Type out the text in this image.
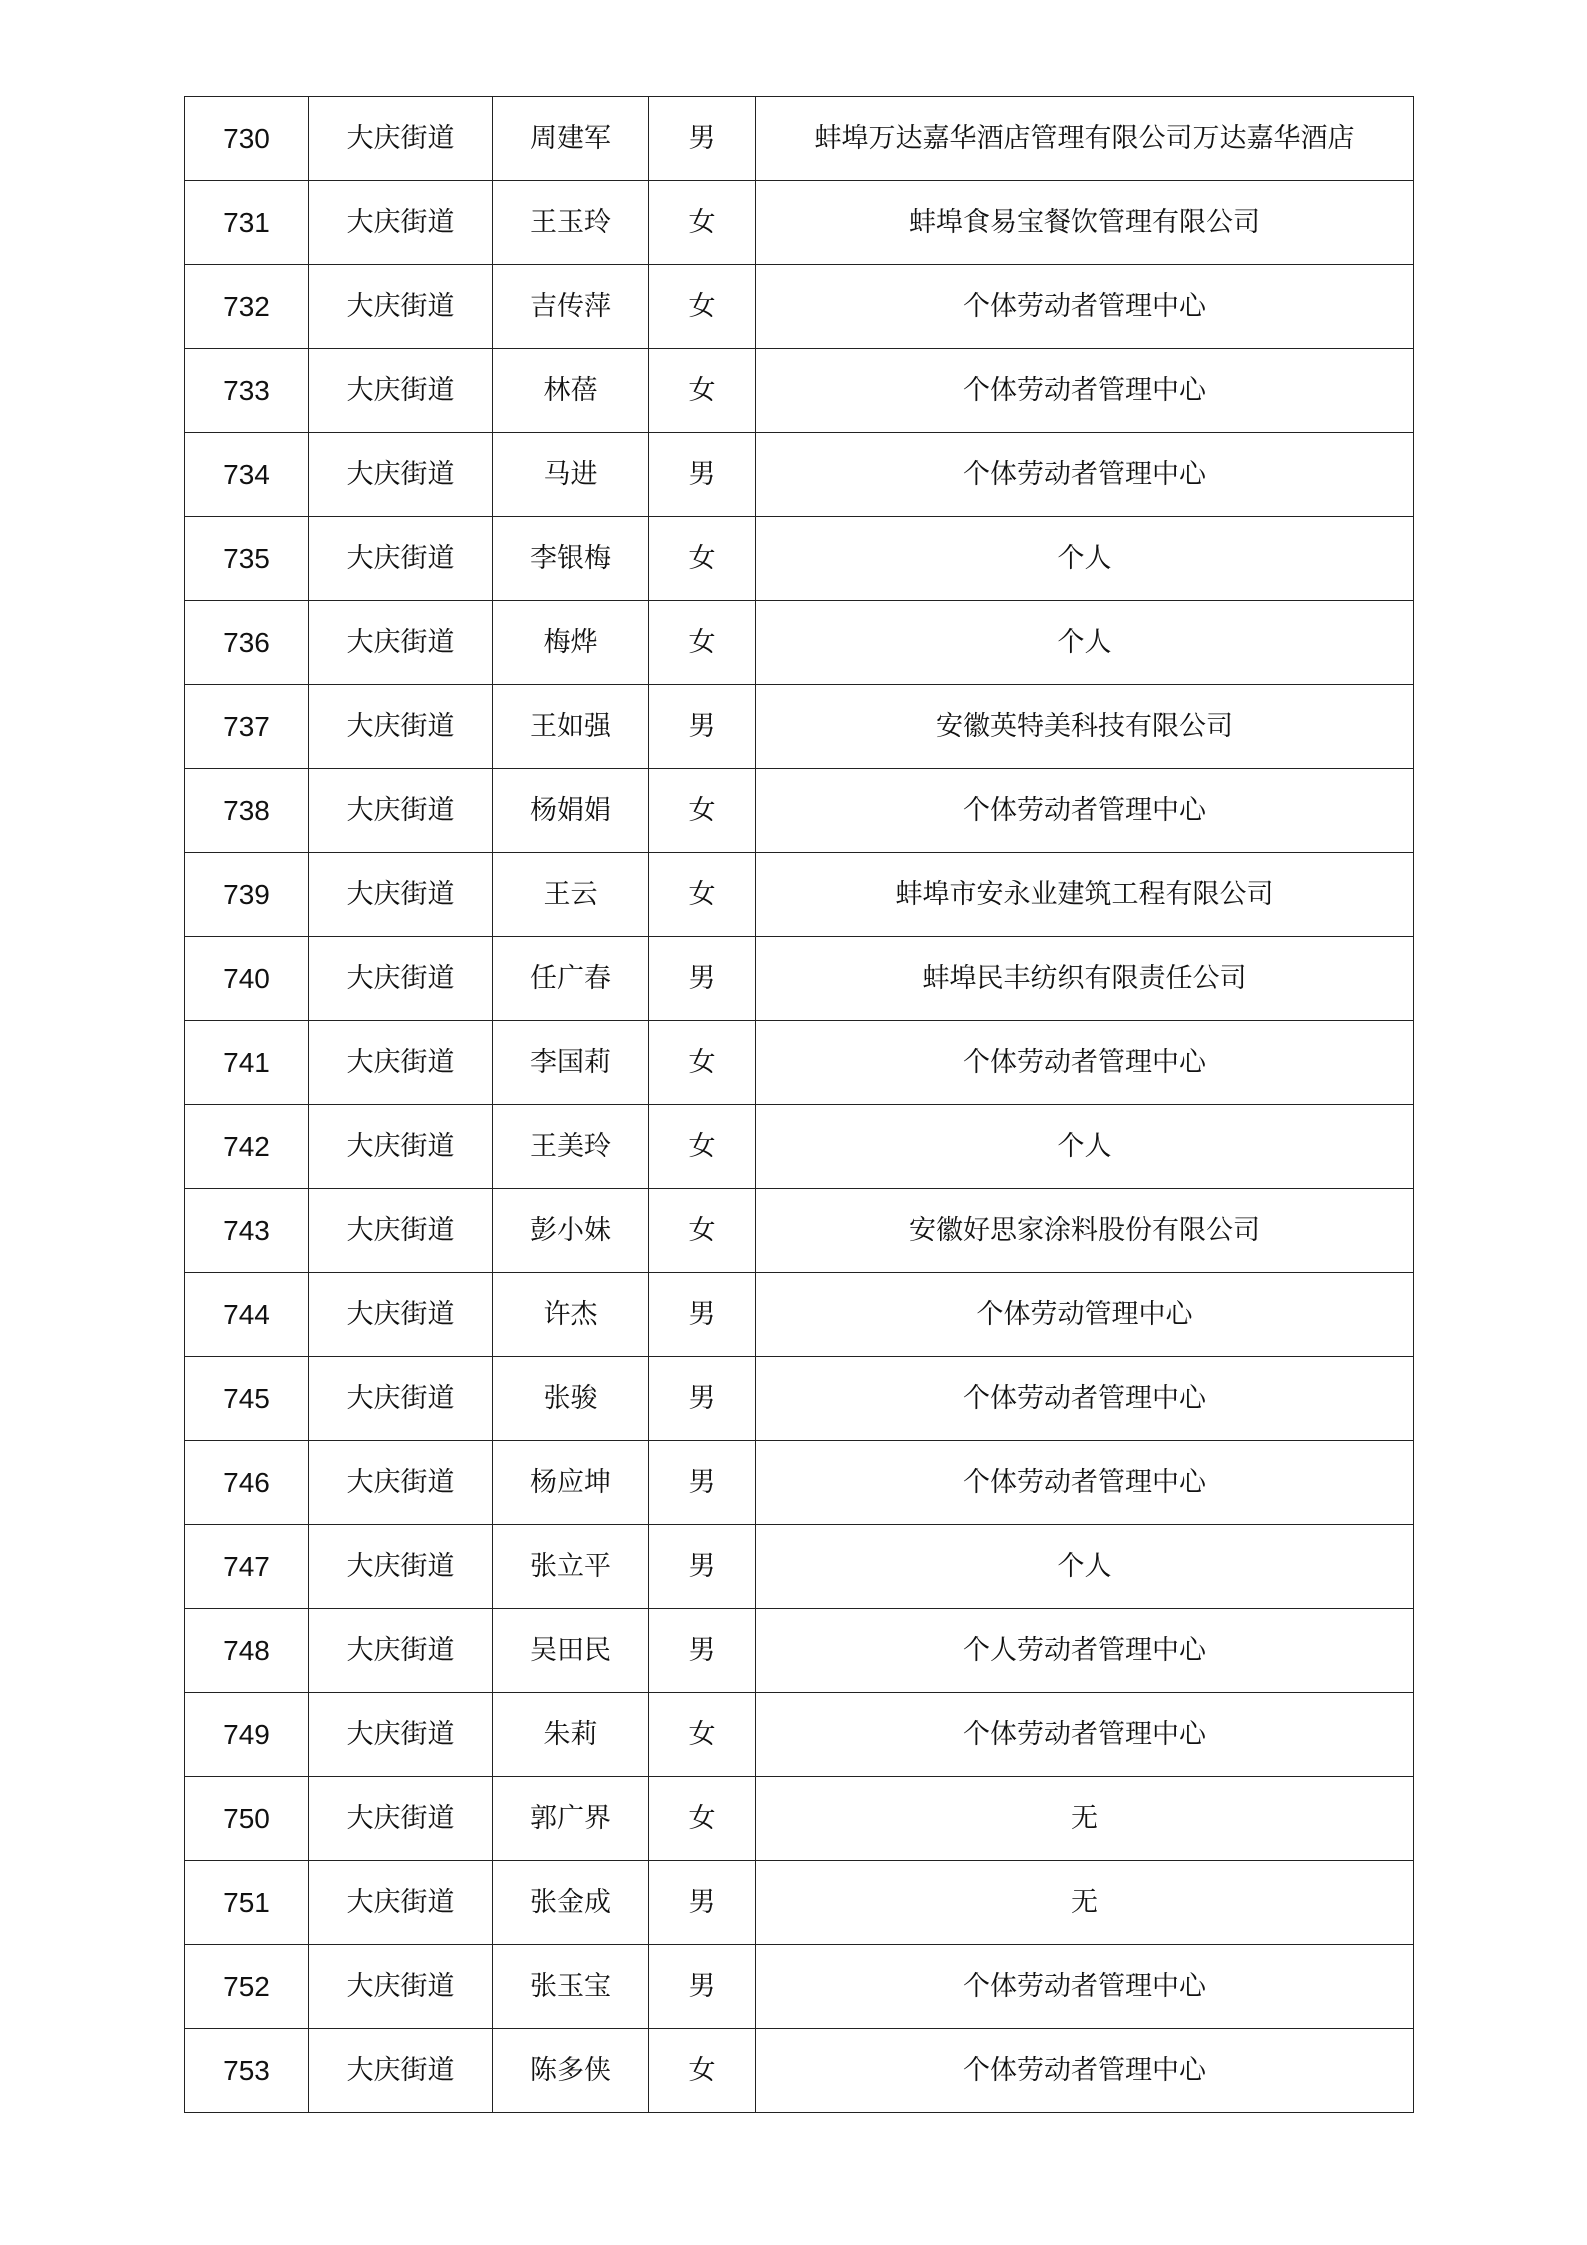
730	大庆街道	周建军	男	蚌埠万达嘉华酒店管理有限公司万达嘉华酒店
731	大庆街道	王玉玲	女	蚌埠食易宝餐饮管理有限公司
732	大庆街道	吉传萍	女	个体劳动者管理中心
733	大庆街道	林蓓	女	个体劳动者管理中心
734	大庆街道	马进	男	个体劳动者管理中心
735	大庆街道	李银梅	女	个人
736	大庆街道	梅烨	女	个人
737	大庆街道	王如强	男	安徽英特美科技有限公司
738	大庆街道	杨娟娟	女	个体劳动者管理中心
739	大庆街道	王云	女	蚌埠市安永业建筑工程有限公司
740	大庆街道	任广春	男	蚌埠民丰纺织有限责任公司
741	大庆街道	李国莉	女	个体劳动者管理中心
742	大庆街道	王美玲	女	个人
743	大庆街道	彭小妹	女	安徽好思家涂料股份有限公司
744	大庆街道	许杰	男	个体劳动管理中心
745	大庆街道	张骏	男	个体劳动者管理中心
746	大庆街道	杨应坤	男	个体劳动者管理中心
747	大庆街道	张立平	男	个人
748	大庆街道	吴田民	男	个人劳动者管理中心
749	大庆街道	朱莉	女	个体劳动者管理中心
750	大庆街道	郭广界	女	无
751	大庆街道	张金成	男	无
752	大庆街道	张玉宝	男	个体劳动者管理中心
753	大庆街道	陈多侠	女	个体劳动者管理中心
